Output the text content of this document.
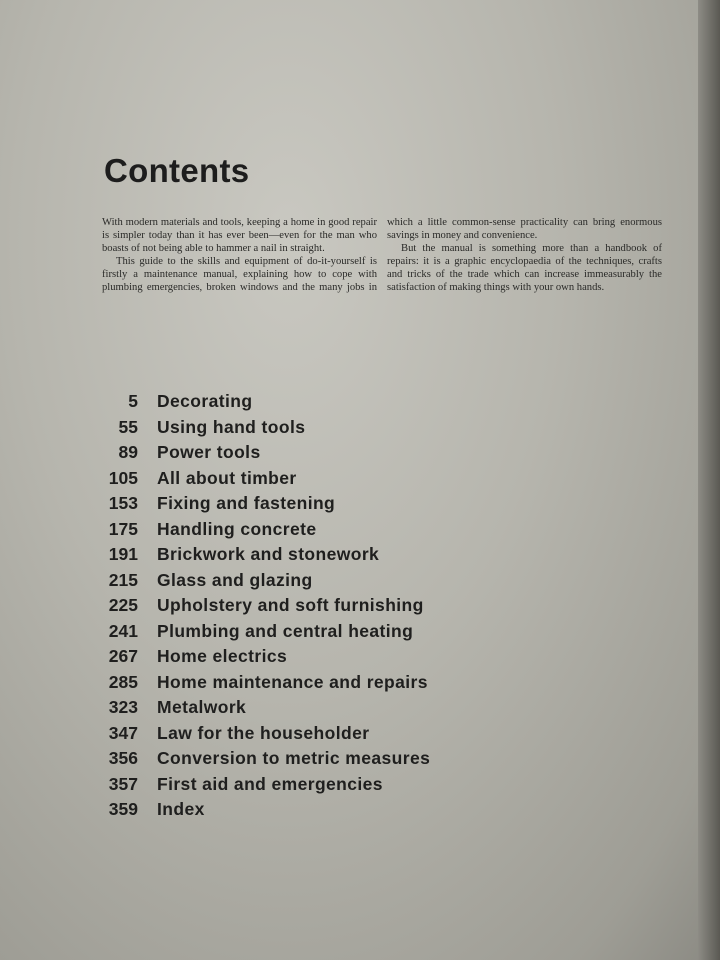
Contents

With modern materials and tools, keeping a home in good repair is simpler today than it has ever been—even for the man who boasts of not being able to hammer a nail in straight.

This guide to the skills and equipment of do-it-yourself is firstly a maintenance manual, explaining how to cope with plumbing emergencies, broken windows and the many jobs in which a little common-sense practicality can bring enormous savings in money and convenience.

But the manual is something more than a handbook of repairs: it is a graphic encyclopaedia of the techniques, crafts and tricks of the trade which can increase immeasurably the satisfaction of making things with your own hands.

5 Decorating
55 Using hand tools
89 Power tools
105 All about timber
153 Fixing and fastening
175 Handling concrete
191 Brickwork and stonework
215 Glass and glazing
225 Upholstery and soft furnishing
241 Plumbing and central heating
267 Home electrics
285 Home maintenance and repairs
323 Metalwork
347 Law for the householder
356 Conversion to metric measures
357 First aid and emergencies
359 Index
